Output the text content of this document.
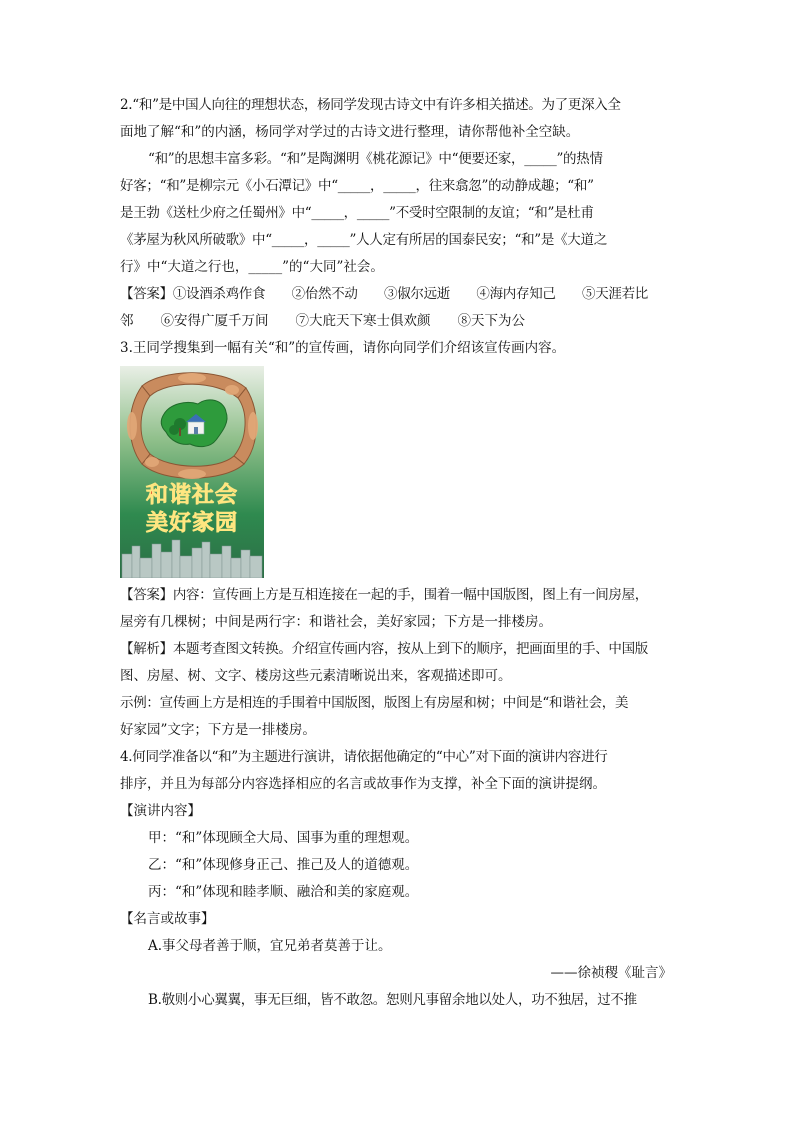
2.“和”是中国人向往的理想状态，杨同学发现古诗文中有许多相关描述。为了更深入全
面地了解“和”的内涵，杨同学对学过的古诗文进行整理，请你帮他补全空缺。
“和”的思想丰富多彩。“和”是陶渊明《桃花源记》中“便要还家，_____”的热情
好客；“和”是柳宗元《小石潭记》中“_____，_____，往来翕忽”的动静成趣；“和”
是王勃《送杜少府之任蜀州》中“_____，_____”不受时空限制的友谊；“和”是杜甫
《茅屋为秋风所破歌》中“_____，_____”人人定有所居的国泰民安；“和”是《大道之
行》中“大道之行也，_____”的“大同”社会。
【答案】①设酒杀鸡作食　　②佁然不动　　③俶尔远逝　　④海内存知己　　⑤天涯若比
邻　　⑥安得广厦千万间　　⑦大庇天下寒士俱欢颜　　⑧天下为公
3.王同学搜集到一幅有关“和”的宣传画，请你向同学们介绍该宣传画内容。
和谐社会
美好家园
【答案】内容：宣传画上方是互相连接在一起的手，围着一幅中国版图，图上有一间房屋，
屋旁有几棵树；中间是两行字：和谐社会，美好家园；下方是一排楼房。
【解析】本题考查图文转换。介绍宣传画内容，按从上到下的顺序，把画面里的手、中国版
图、房屋、树、文字、楼房这些元素清晰说出来，客观描述即可。
示例：宣传画上方是相连的手围着中国版图，版图上有房屋和树；中间是“和谐社会，美
好家园”文字；下方是一排楼房。
4.何同学准备以“和”为主题进行演讲，请依据他确定的“中心”对下面的演讲内容进行
排序，并且为每部分内容选择相应的名言或故事作为支撑，补全下面的演讲提纲。
【演讲内容】
甲：“和”体现顾全大局、国事为重的理想观。
乙：“和”体现修身正己、推己及人的道德观。
丙：“和”体现和睦孝顺、融洽和美的家庭观。
【名言或故事】
A.事父母者善于顺，宜兄弟者莫善于让。
——徐祯稷《耻言》
B.敬则小心翼翼，事无巨细，皆不敢忽。恕则凡事留余地以处人，功不独居，过不推
